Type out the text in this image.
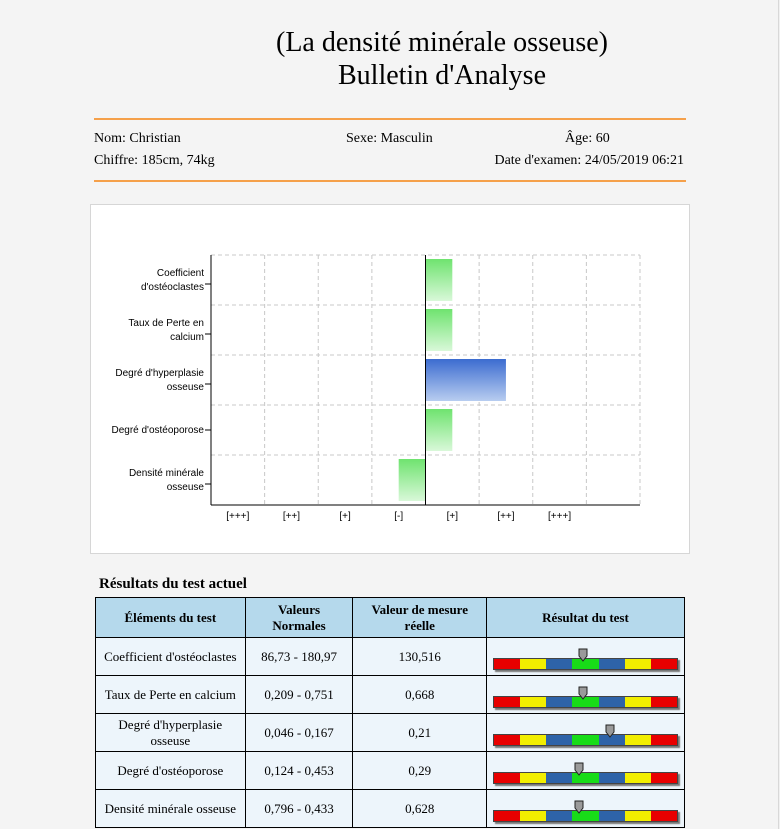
(La densité minérale osseuse)
Bulletin d'Analyse
Nom: Christian	Sexe: Masculin	Âge: 60
Chiffre: 185cm, 74kg	Date d'examen: 24/05/2019 06:21
Coefficient d'ostéoclastes
Taux de Perte en calcium
Degré d'hyperplasie osseuse
Degré d'ostéoporose
Densité minérale osseuse
[+++]	[++]	[+]	[-]	[+]	[++]	[+++]
Résultats du test actuel
Éléments du test	Valeurs Normales	Valeur de mesure réelle	Résultat du test
Coefficient d'ostéoclastes	86,73 - 180,97	130,516	

Taux de Perte en calcium	0,209 - 0,751	0,668	

Degré d'hyperplasie osseuse	0,046 - 0,167	0,21	

Degré d'ostéoporose	0,124 - 0,453	0,29	

Densité minérale osseuse	0,796 - 0,433	0,628	
